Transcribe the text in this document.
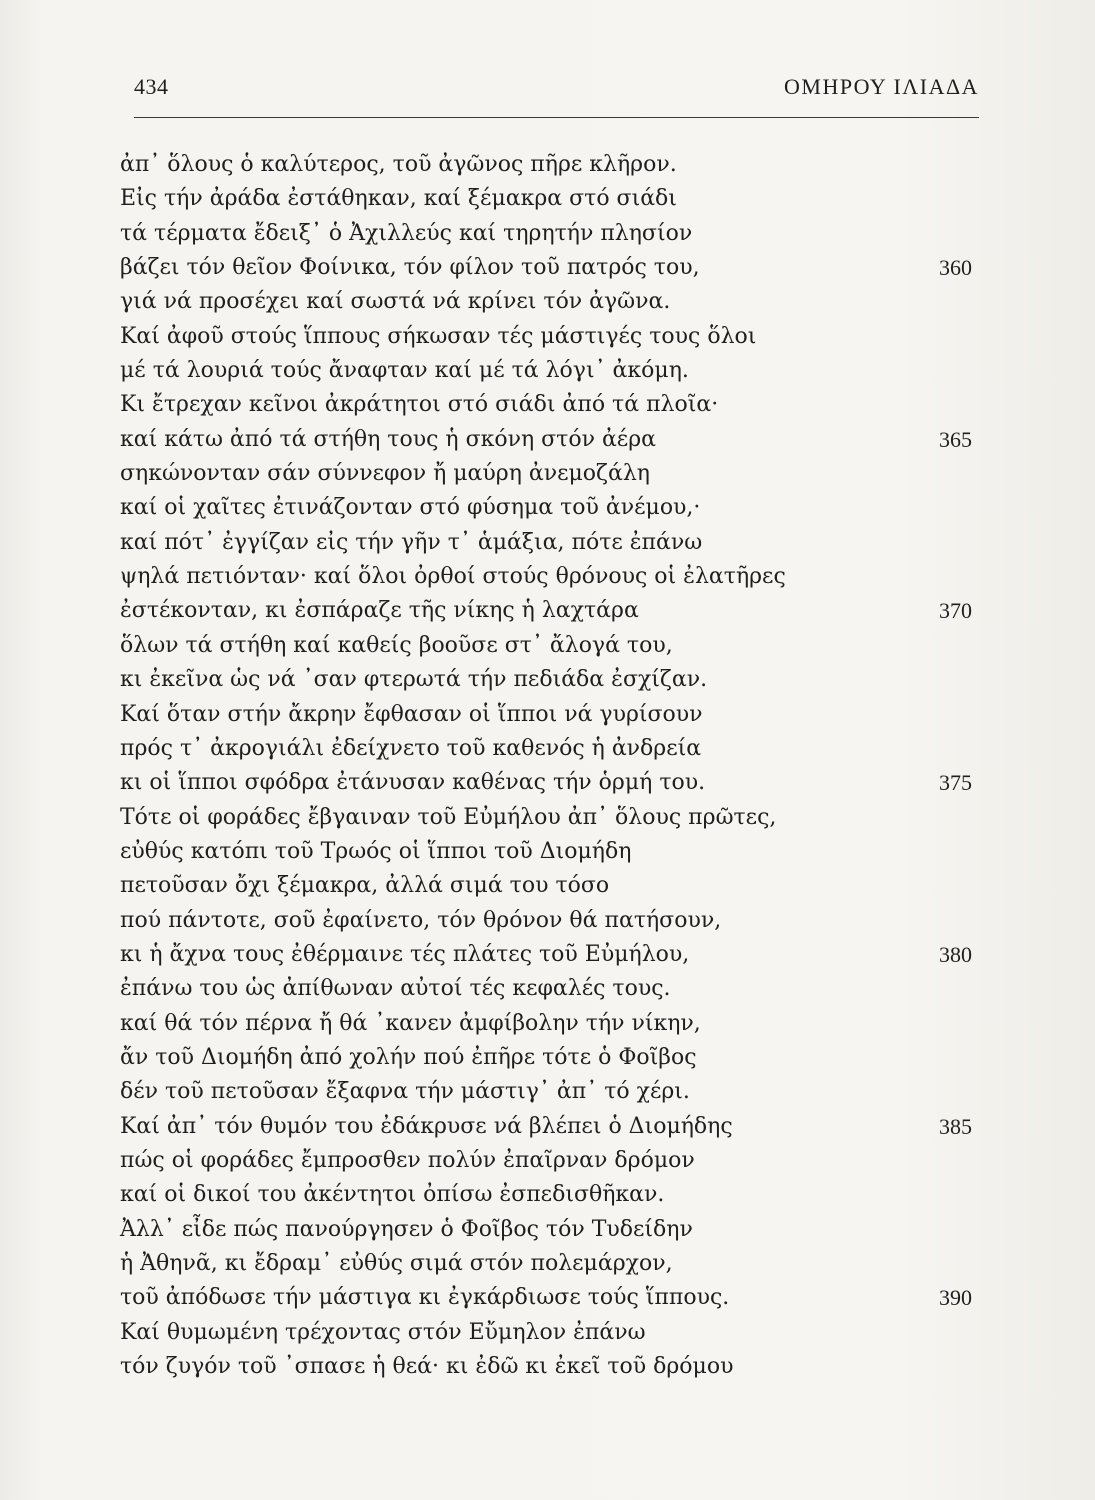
434	ΟΜΗΡΟΥ ΙΛΙΑΔΑ
ἀπ᾽ ὅλους ὁ καλύτερος, τοῦ ἀγῶνος πῆρε κλῆρον.
Εἰς τήν ἀράδα ἐστάθηκαν, καί ξέμακρα στό σιάδι
τά τέρματα ἔδειξ᾽ ὁ Ἀχιλλεύς καί τηρητήν πλησίον
βάζει τόν θεῖον Φοίνικα, τόν φίλον τοῦ πατρός του,	360
γιά νά προσέχει καί σωστά νά κρίνει τόν ἀγῶνα.
Καί ἀφοῦ στούς ἵππους σήκωσαν τές μάστιγές τους ὅλοι
μέ τά λουριά τούς ἄναφταν καί μέ τά λόγι᾽ ἀκόμη.
Κι ἔτρεχαν κεῖνοι ἀκράτητοι στό σιάδι ἀπό τά πλοῖα·
καί κάτω ἀπό τά στήθη τους ἡ σκόνη στόν ἀέρα	365
σηκώνονταν σάν σύννεφον ἤ μαύρη ἀνεμοζάλη
καί οἱ χαῖτες ἐτινάζονταν στό φύσημα τοῦ ἀνέμου,·
καί πότ᾽ ἐγγίζαν εἰς τήν γῆν τ᾽ ἁμάξια, πότε ἐπάνω
ψηλά πετιόνταν· καί ὅλοι ὀρθοί στούς θρόνους οἱ ἐλατῆρες
ἐστέκονταν, κι ἐσπάραζε τῆς νίκης ἡ λαχτάρα	370
ὅλων τά στήθη καί καθείς βοοῦσε στ᾽ ἄλογά του,
κι ἐκεῖνα ὡς νά ᾽σαν φτερωτά τήν πεδιάδα ἐσχίζαν.
Καί ὅταν στήν ἄκρην ἔφθασαν οἱ ἵπποι νά γυρίσουν
πρός τ᾽ ἀκρογιάλι ἐδείχνετο τοῦ καθενός ἡ ἀνδρεία
κι οἱ ἵπποι σφόδρα ἐτάνυσαν καθένας τήν ὁρμή του.	375
Τότε οἱ φοράδες ἔβγαιναν τοῦ Εὐμήλου ἀπ᾽ ὅλους πρῶτες,
εὐθύς κατόπι τοῦ Τρωός οἱ ἵπποι τοῦ Διομήδη
πετοῦσαν ὄχι ξέμακρα, ἀλλά σιμά του τόσο
πού πάντοτε, σοῦ ἐφαίνετο, τόν θρόνον θά πατήσουν,
κι ἡ ἄχνα τους ἐθέρμαινε τές πλάτες τοῦ Εὐμήλου,	380
ἐπάνω του ὡς ἀπίθωναν αὐτοί τές κεφαλές τους.
καί θά τόν πέρνα ἤ θά ᾽κανεν ἀμφίβολην τήν νίκην,
ἄν τοῦ Διομήδη ἀπό χολήν πού ἐπῆρε τότε ὁ Φοῖβος
δέν τοῦ πετοῦσαν ἔξαφνα τήν μάστιγ᾽ ἀπ᾽ τό χέρι.
Καί ἀπ᾽ τόν θυμόν του ἐδάκρυσε νά βλέπει ὁ Διομήδης	385
πώς οἱ φοράδες ἔμπροσθεν πολύν ἐπαῖρναν δρόμον
καί οἱ δικοί του ἀκέντητοι ὀπίσω ἐσπεδισθῆκαν.
Ἀλλ᾽ εἶδε πώς πανούργησεν ὁ Φοῖβος τόν Τυδείδην
ἡ Ἀθηνᾶ, κι ἔδραμ᾽ εὐθύς σιμά στόν πολεμάρχον,
τοῦ ἀπόδωσε τήν μάστιγα κι ἐγκάρδιωσε τούς ἵππους.	390
Καί θυμωμένη τρέχοντας στόν Εὔμηλον ἐπάνω
τόν ζυγόν τοῦ ᾽σπασε ἡ θεά· κι ἐδῶ κι ἐκεῖ τοῦ δρόμου
